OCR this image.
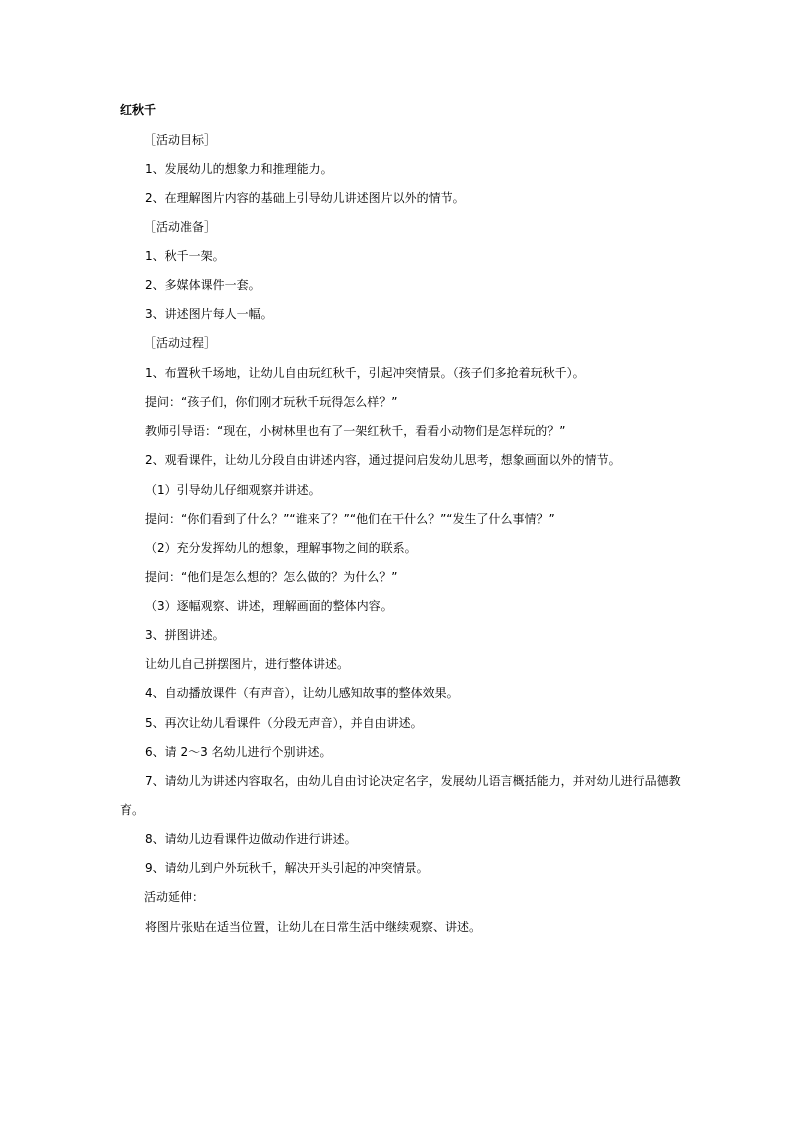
红秋千
［活动目标］
1、发展幼儿的想象力和推理能力。
2、在理解图片内容的基础上引导幼儿讲述图片以外的情节。
［活动准备］
1、秋千一架。
2、多媒体课件一套。
3、讲述图片每人一幅。
［活动过程］
1、布置秋千场地，让幼儿自由玩红秋千，引起冲突情景。（孩子们多抢着玩秋千）。
提问：“孩子们，你们刚才玩秋千玩得怎么样？”
教师引导语：“现在，小树林里也有了一架红秋千，看看小动物们是怎样玩的？”
2、观看课件，让幼儿分段自由讲述内容，通过提问启发幼儿思考，想象画面以外的情节。
（1）引导幼儿仔细观察并讲述。
提问：“你们看到了什么？”“谁来了？”“他们在干什么？”“发生了什么事情？”
（2）充分发挥幼儿的想象，理解事物之间的联系。
提问：“他们是怎么想的？怎么做的？为什么？”
（3）逐幅观察、讲述，理解画面的整体内容。
3、拼图讲述。
让幼儿自己拼摆图片，进行整体讲述。
4、自动播放课件（有声音），让幼儿感知故事的整体效果。
5、再次让幼儿看课件（分段无声音），并自由讲述。
6、请 2～3 名幼儿进行个别讲述。
7、请幼儿为讲述内容取名，由幼儿自由讨论决定名字，发展幼儿语言概括能力，并对幼儿进行品德教
育。
8、请幼儿边看课件边做动作进行讲述。
9、请幼儿到户外玩秋千，解决开头引起的冲突情景。
活动延伸：
将图片张贴在适当位置，让幼儿在日常生活中继续观察、讲述。
